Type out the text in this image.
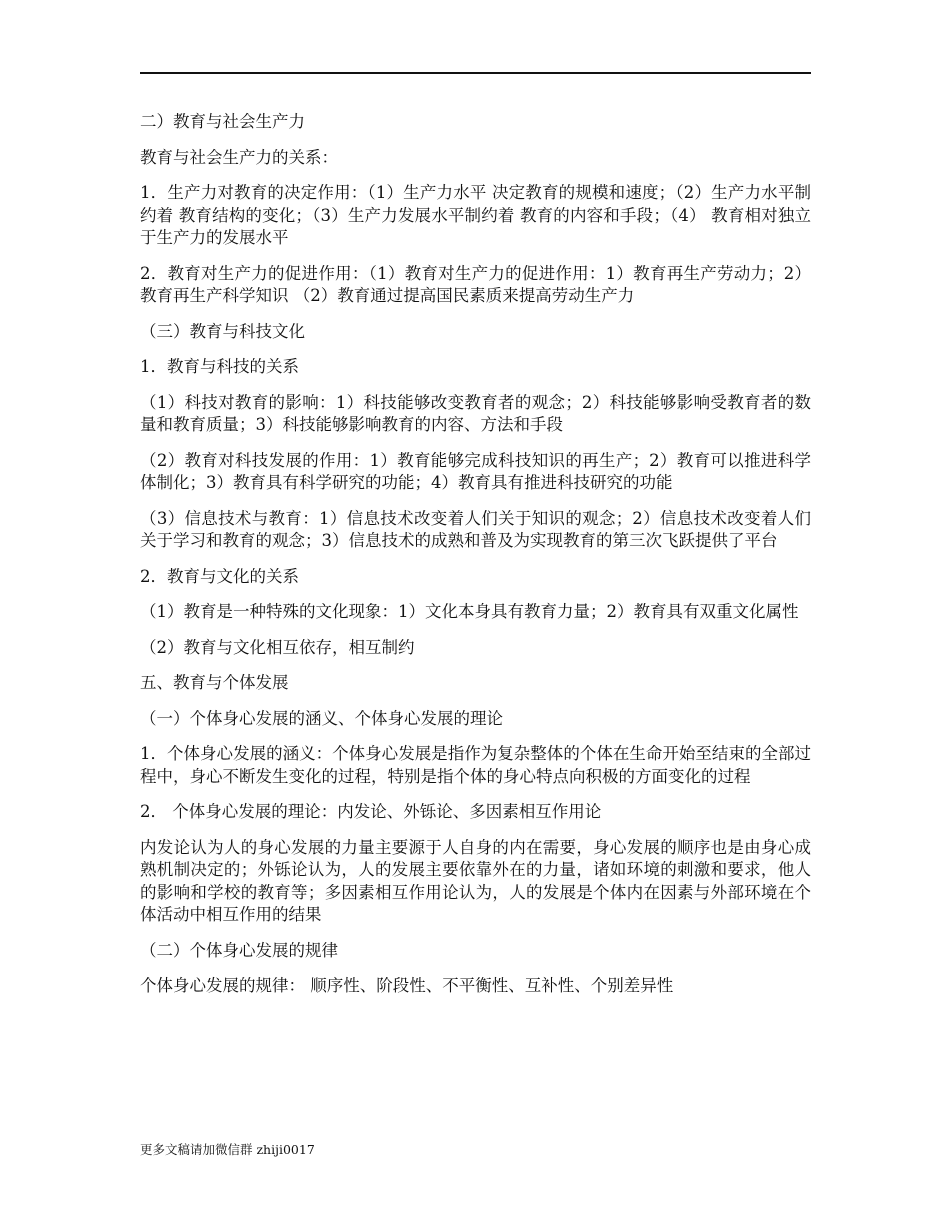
二）教育与社会生产力

教育与社会生产力的关系：

1．生产力对教育的决定作用：（1）生产力水平 决定教育的规模和速度；（2）生产力水平制约着 教育结构的变化；（3）生产力发展水平制约着 教育的内容和手段；（4） 教育相对独立于生产力的发展水平

2．教育对生产力的促进作用：（1）教育对生产力的促进作用：1）教育再生产劳动力；2）教育再生产科学知识 （2）教育通过提高国民素质来提高劳动生产力

（三）教育与科技文化

1．教育与科技的关系

（1）科技对教育的影响：1）科技能够改变教育者的观念；2）科技能够影响受教育者的数量和教育质量；3）科技能够影响教育的内容、方法和手段

（2）教育对科技发展的作用：1）教育能够完成科技知识的再生产；2）教育可以推进科学体制化；3）教育具有科学研究的功能；4）教育具有推进科技研究的功能

（3）信息技术与教育：1）信息技术改变着人们关于知识的观念；2）信息技术改变着人们关于学习和教育的观念；3）信息技术的成熟和普及为实现教育的第三次飞跃提供了平台

2．教育与文化的关系

（1）教育是一种特殊的文化现象：1）文化本身具有教育力量；2）教育具有双重文化属性

（2）教育与文化相互依存，相互制约

五、教育与个体发展

（一）个体身心发展的涵义、个体身心发展的理论

1．个体身心发展的涵义：个体身心发展是指作为复杂整体的个体在生命开始至结束的全部过程中，身心不断发生变化的过程，特别是指个体的身心特点向积极的方面变化的过程

2． 个体身心发展的理论：内发论、外铄论、多因素相互作用论

内发论认为人的身心发展的力量主要源于人自身的内在需要，身心发展的顺序也是由身心成熟机制决定的；外铄论认为，人的发展主要依靠外在的力量，诸如环境的刺激和要求，他人的影响和学校的教育等；多因素相互作用论认为，人的发展是个体内在因素与外部环境在个体活动中相互作用的结果

（二）个体身心发展的规律

个体身心发展的规律： 顺序性、阶段性、不平衡性、互补性、个别差异性

更多文稿请加微信群 zhiji0017
